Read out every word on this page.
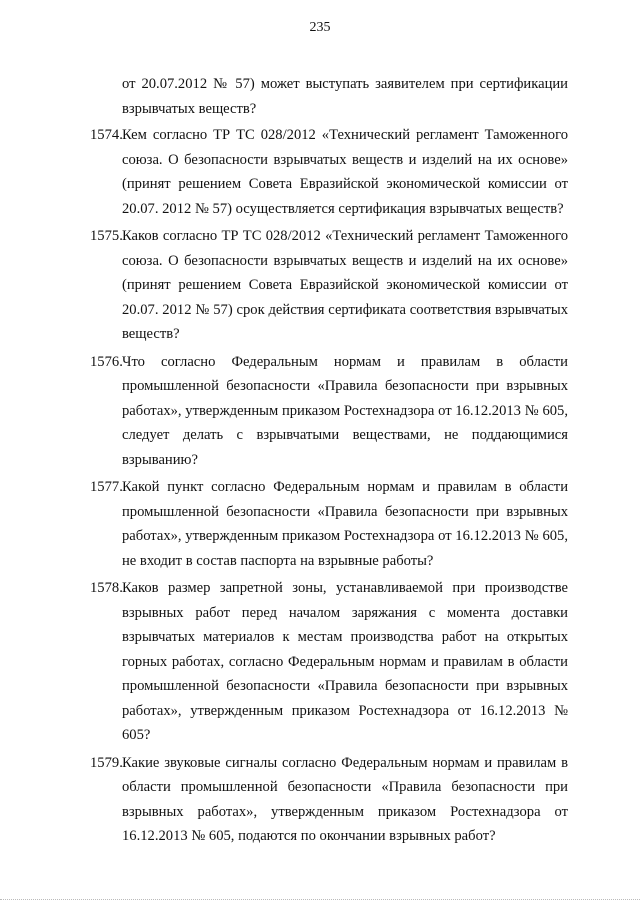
235
от 20.07.2012 № 57) может выступать заявителем при сертификации взрывчатых веществ?
1574. Кем согласно ТР ТС 028/2012 «Технический регламент Таможенного союза. О безопасности взрывчатых веществ и изделий на их основе» (принят решением Совета Евразийской экономической комиссии от 20.07. 2012 № 57) осуществляется сертификация взрывчатых веществ?
1575. Каков согласно ТР ТС 028/2012 «Технический регламент Таможенного союза. О безопасности взрывчатых веществ и изделий на их основе» (принят решением Совета Евразийской экономической комиссии от 20.07. 2012 № 57) срок действия сертификата соответствия взрывчатых веществ?
1576. Что согласно Федеральным нормам и правилам в области промышленной безопасности «Правила безопасности при взрывных работах», утвержденным приказом Ростехнадзора от 16.12.2013 № 605, следует делать с взрывчатыми веществами, не поддающимися взрыванию?
1577. Какой пункт согласно Федеральным нормам и правилам в области промышленной безопасности «Правила безопасности при взрывных работах», утвержденным приказом Ростехнадзора от 16.12.2013 № 605, не входит в состав паспорта на взрывные работы?
1578. Каков размер запретной зоны, устанавливаемой при производстве взрывных работ перед началом заряжания с момента доставки взрывчатых материалов к местам производства работ на открытых горных работах, согласно Федеральным нормам и правилам в области промышленной безопасности «Правила безопасности при взрывных работах», утвержденным приказом Ростехнадзора от 16.12.2013 № 605?
1579. Какие звуковые сигналы согласно Федеральным нормам и правилам в области промышленной безопасности «Правила безопасности при взрывных работах», утвержденным приказом Ростехнадзора от 16.12.2013 № 605, подаются по окончании взрывных работ?
